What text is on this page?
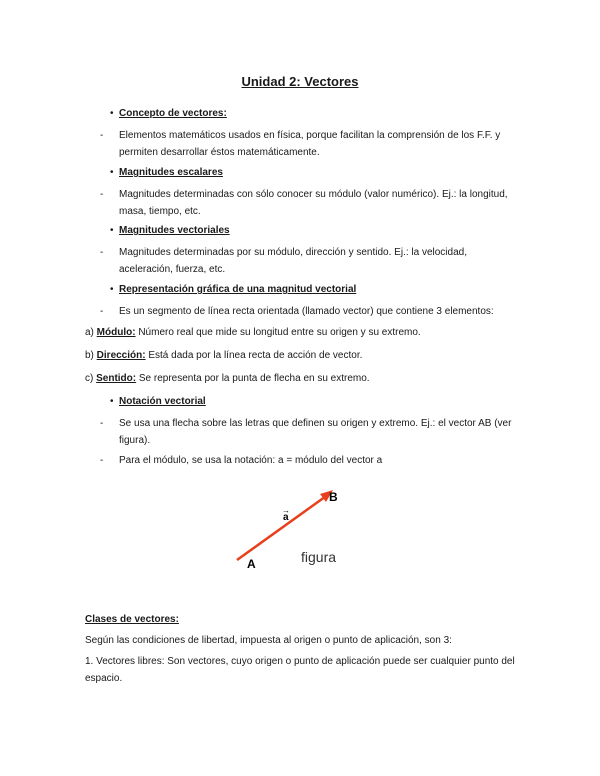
Unidad 2: Vectores
• Concepto de vectores:
- Elementos matemáticos usados en física, porque facilitan la comprensión de los F.F. y permiten desarrollar éstos matemáticamente.
• Magnitudes escalares
- Magnitudes determinadas con sólo conocer su módulo (valor numérico). Ej.: la longitud, masa, tiempo, etc.
• Magnitudes vectoriales
- Magnitudes determinadas por su módulo, dirección y sentido. Ej.: la velocidad, aceleración, fuerza, etc.
• Representación gráfica de una magnitud vectorial
- Es un segmento de línea recta orientada (llamado vector) que contiene 3 elementos:
a) Módulo: Número real que mide su longitud entre su origen y su extremo.
b) Dirección: Está dada por la línea recta de acción de vector.
c) Sentido: Se representa por la punta de flecha en su extremo.
• Notación vectorial
- Se usa una flecha sobre las letras que definen su origen y extremo. Ej.: el vector AB (ver figura).
- Para el módulo, se usa la notación: a = módulo del vector a
a
→
B
A	figura
Clases de vectores:
Según las condiciones de libertad, impuesta al origen o punto de aplicación, son 3:
1. Vectores libres: Son vectores, cuyo origen o punto de aplicación puede ser cualquier punto del espacio.
